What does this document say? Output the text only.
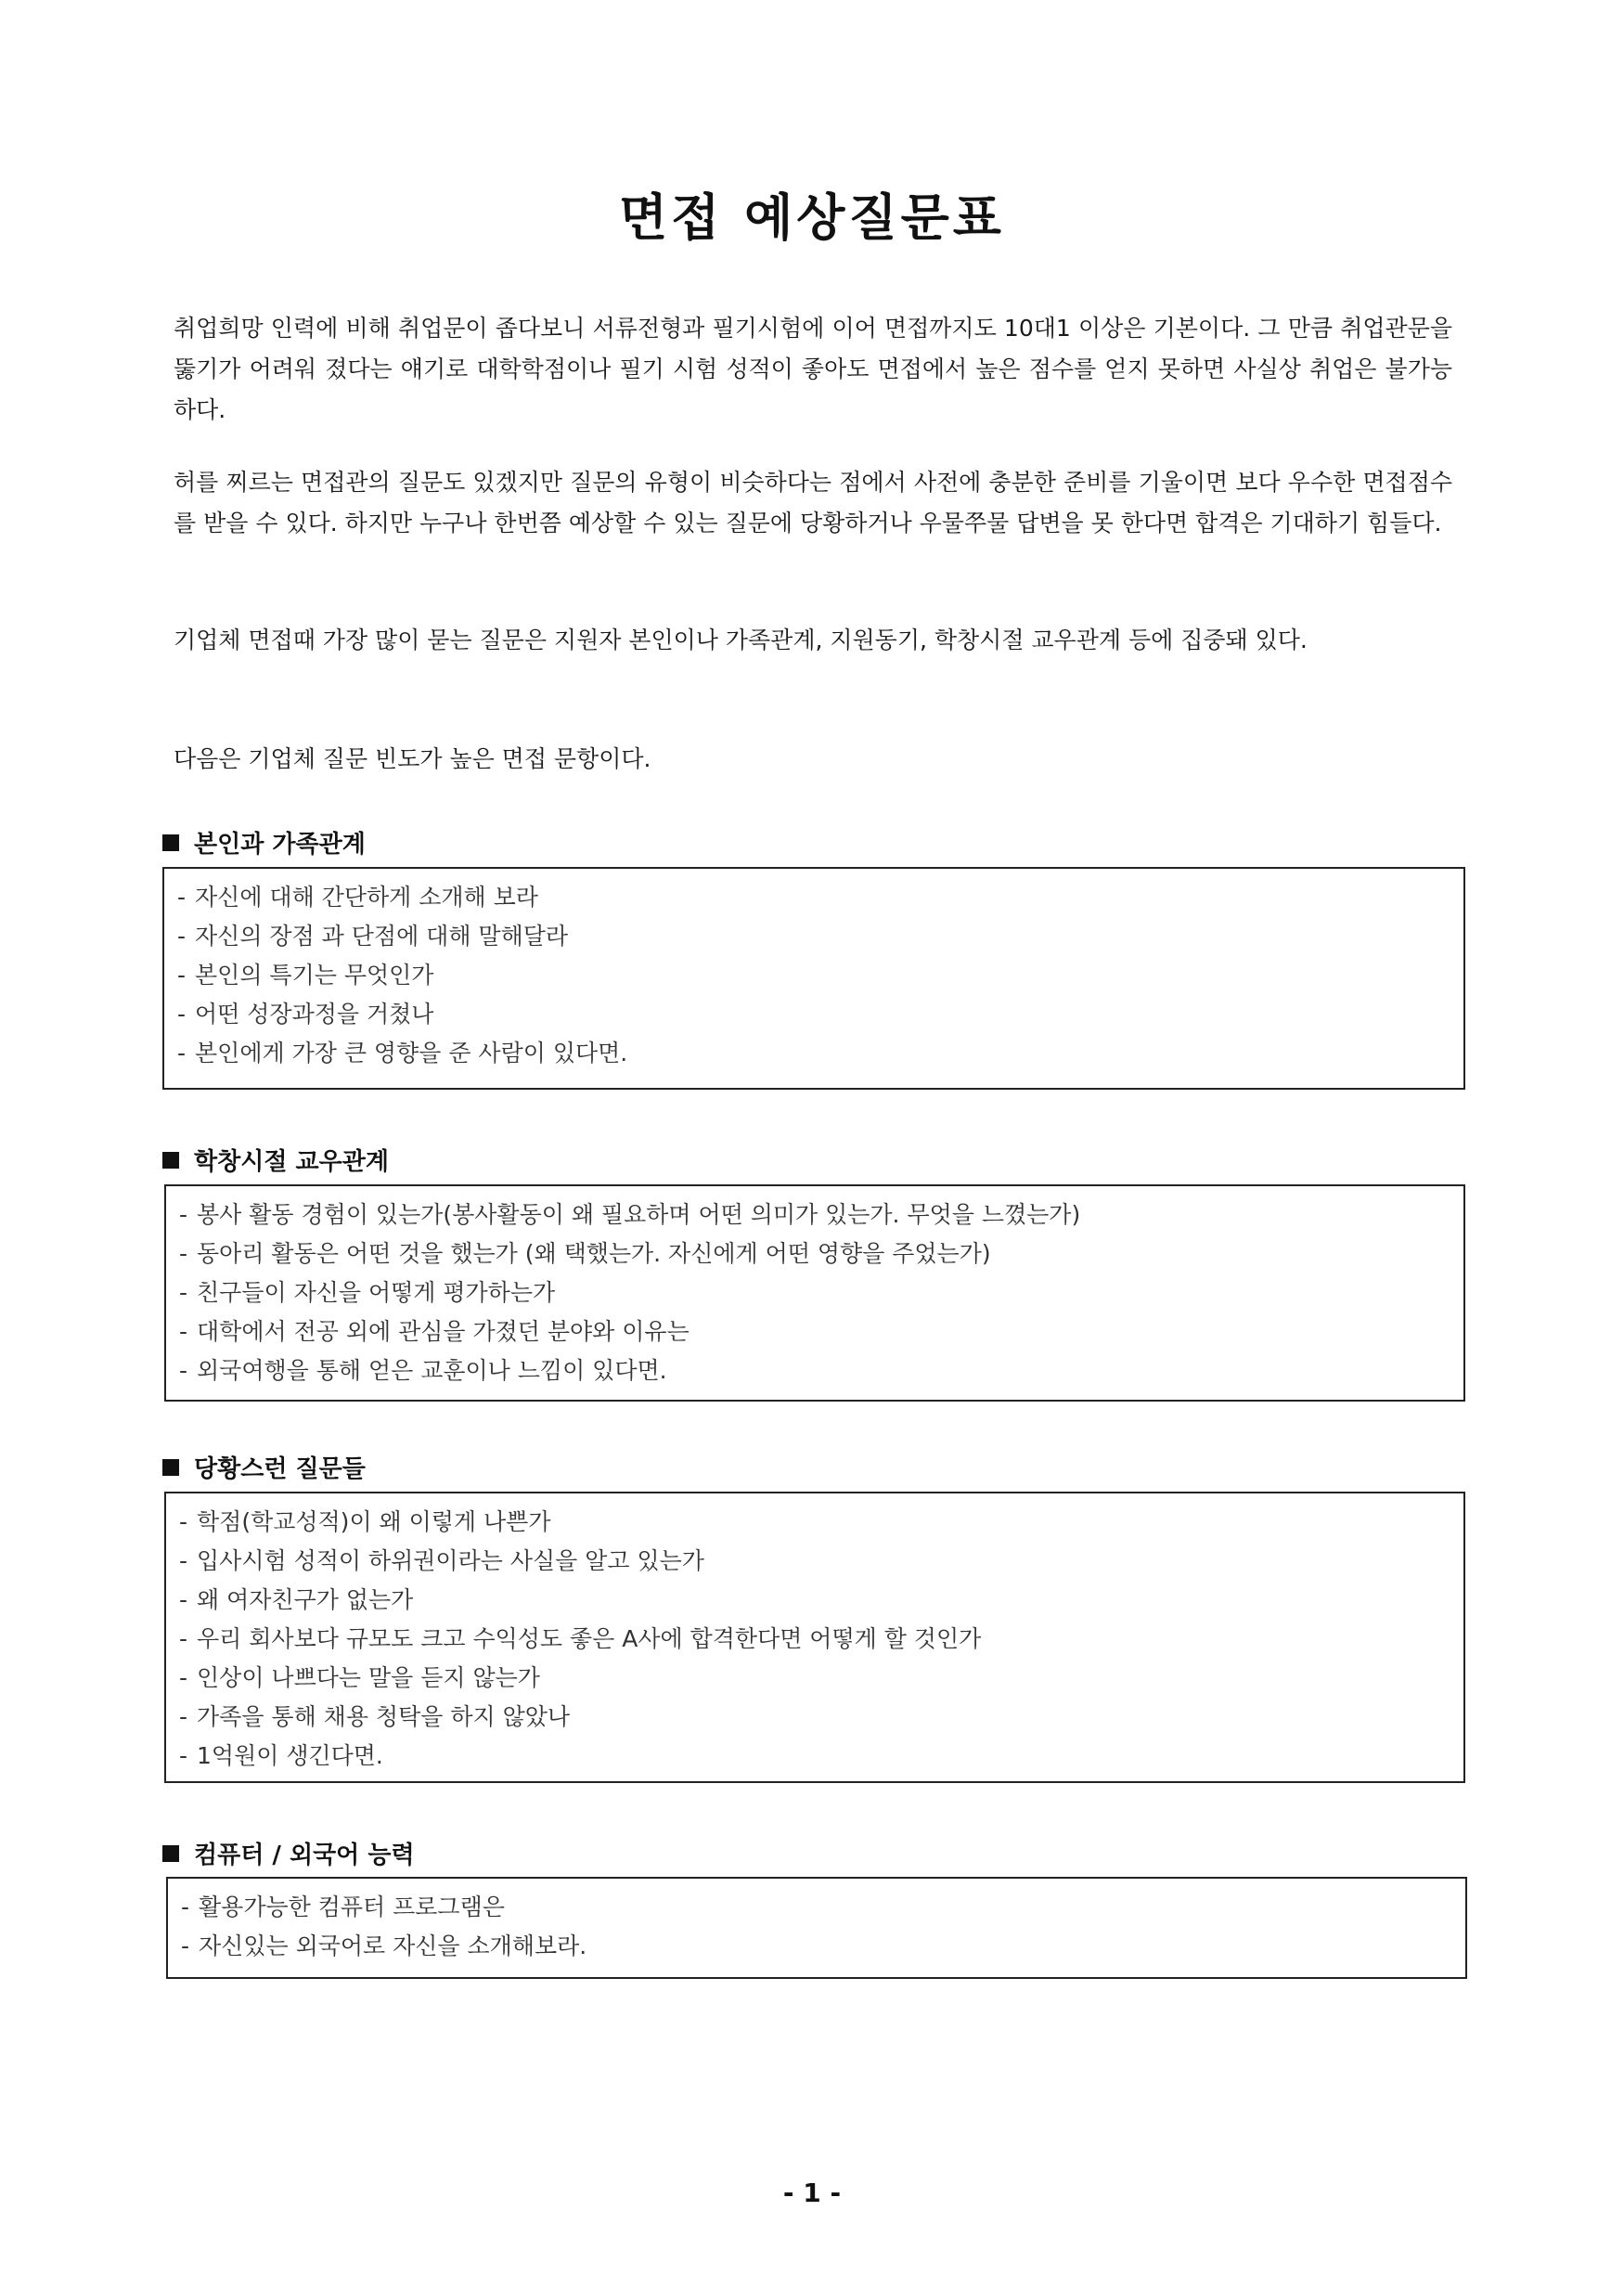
면접 예상질문표

취업희망 인력에 비해 취업문이 좁다보니 서류전형과 필기시험에 이어 면접까지도 10대1 이상은 기본이다. 그 만큼 취업관문을 뚫기가 어려워 졌다는 얘기로 대학학점이나 필기 시험 성적이 좋아도 면접에서 높은 점수를 얻지 못하면 사실상 취업은 불가능하다.

허를 찌르는 면접관의 질문도 있겠지만 질문의 유형이 비슷하다는 점에서 사전에 충분한 준비를 기울이면 보다 우수한 면접점수를 받을 수 있다. 하지만 누구나 한번쯤 예상할 수 있는 질문에 당황하거나 우물쭈물 답변을 못 한다면 합격은 기대하기 힘들다.

기업체 면접때 가장 많이 묻는 질문은 지원자 본인이나 가족관계, 지원동기, 학창시절 교우관계 등에 집중돼 있다.

다음은 기업체 질문 빈도가 높은 면접 문항이다.

본인과 가족관계
- 자신에 대해 간단하게 소개해 보라
- 자신의 장점 과 단점에 대해 말해달라
- 본인의 특기는 무엇인가
- 어떤 성장과정을 거쳤나
- 본인에게 가장 큰 영향을 준 사람이 있다면.
학창시절 교우관계
- 봉사 활동 경험이 있는가(봉사활동이 왜 필요하며 어떤 의미가 있는가. 무엇을 느꼈는가)
- 동아리 활동은 어떤 것을 했는가 (왜 택했는가. 자신에게 어떤 영향을 주었는가)
- 친구들이 자신을 어떻게 평가하는가
- 대학에서 전공 외에 관심을 가졌던 분야와 이유는
- 외국여행을 통해 얻은 교훈이나 느낌이 있다면.
당황스런 질문들
- 학점(학교성적)이 왜 이렇게 나쁜가
- 입사시험 성적이 하위권이라는 사실을 알고 있는가
- 왜 여자친구가 없는가
- 우리 회사보다 규모도 크고 수익성도 좋은 A사에 합격한다면 어떻게 할 것인가
- 인상이 나쁘다는 말을 듣지 않는가
- 가족을 통해 채용 청탁을 하지 않았나
- 1억원이 생긴다면.
컴퓨터 / 외국어 능력
- 활용가능한 컴퓨터 프로그램은
- 자신있는 외국어로 자신을 소개해보라.
- 1 -
